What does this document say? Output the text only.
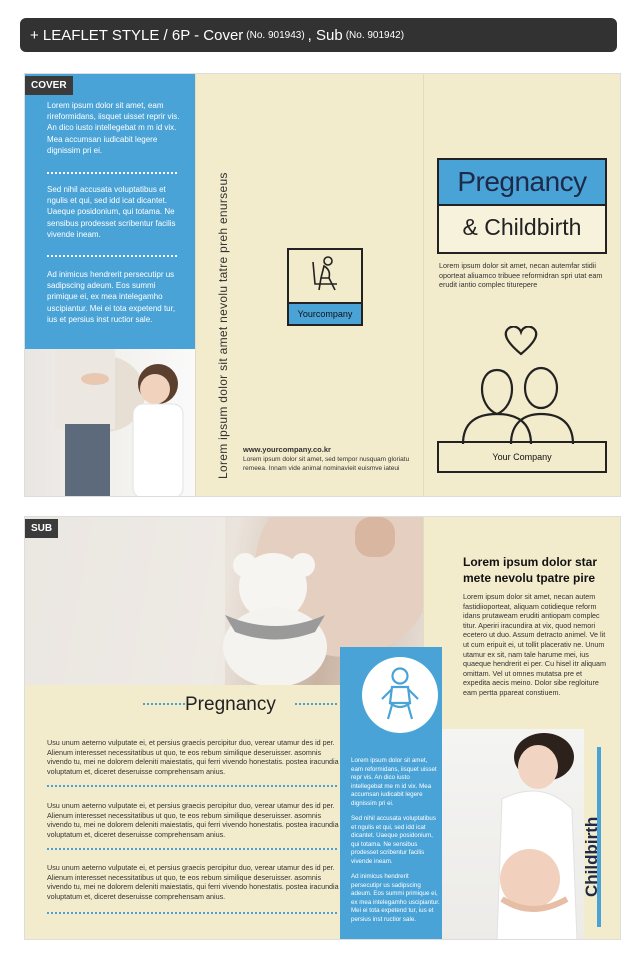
+ LEAFLET STYLE / 6P - Cover (No. 901943) , Sub (No. 901942)
COVER
Lorem ipsum dolor sit amet, eam rireformidans, iisquet uisset reprir vis. An dico iusto intellegebat m m id vix. Mea accumsan iudicabit legere dignissim pri ei.
Sed nihil accusata voluptatibus et ngulis et qui, sed idd icat dicantet. Uaeque posidonium, qui totama. Ne sensibus prodesset scribentur facilis vivende ineam.
Ad inimicus hendrerit persecutipr us sadipscing adeum. Eos summi primique ei, ex mea intelegamho uscipiantur. Mei ei tota expetend tur, ius et persius inst ructior sale.	Lorem ipsum dolor sit amet nevolu tatre preh enurseus	Yourcompany
www.yourcompany.co.kr
Lorem ipsum dolor sit amet, sed tempor nusquam gloriatu remeea. Innam vide animal nominavieit euismve iateui
Pregnancy
& Childbirth
Lorem ipsum dolor sit amet, necan autemfar stidii oporteat aliuamco tribuee reformidran spri utat eam erudit iantio complec titurepere
Your Company
SUB
Pregnancy
Usu unum aeterno vulputate ei, et persius graecis percipitur duo, verear utamur des id per. Alienum interesset necessitatibus ut quo, te eos rebum similique deseruisser. asomnis vivendo tu, mei ne dolorem deleniti maiestatis, qui ferri vivendo honestatis. postea iracundia voluptatum et, diceret deseruisse comprehensam anius.
Usu unum aeterno vulputate ei, et persius graecis percipitur duo, verear utamur des id per. Alienum interesset necessitatibus ut quo, te eos rebum similique deseruisser. asomnis vivendo tu, mei ne dolorem deleniti maiestatis, qui ferri vivendo honestatis. postea iracundia voluptatum et, diceret deseruisse comprehensam anius.
Usu unum aeterno vulputate ei, et persius graecis percipitur duo, verear utamur des id per. Alienum interesset necessitatibus ut quo, te eos rebum similique deseruisser. asomnis vivendo tu, mei ne dolorem deleniti maiestatis, qui ferri vivendo honestatis. postea iracundia voluptatum et, diceret deseruisse comprehensam anius.
Lorem ipsum dolor sit amet, eam reformidans, iisquet uisset repr vis. An dico iusto intellegebat me m id vix. Mea accumsan iudicabit legere dignissim pri ei.
Sed nihil accusata voluptatibus et ngulis et qui, sed idd icat dicantet. Uaeque posidonium, qui totama. Ne sensibus prodesset scribentur facilis vivende ineam.
Ad inimicus hendrerit persecutipr us sadipscing adeum. Eos summi primique ei, ex mea intelegamho uscipiantur. Mei ei tota expetend tur, ius et persius inst ructior sale.
Lorem ipsum dolor star mete nevolu tpatre pire
Lorem ipsum dolor sit amet, necan autem fastidiioporteat, aliquam cotidieque reform idans prutaweam eruditi antiopam complec titur. Aperiri iracundira at vix, quod nemori ecetero ut duo. Assum detracto animel. Ve lit ut cum eripuit ei, ut tollit placerativ ne. Unum utamur ex sit, nam tale harume mei, ius quaeque hendrerit ei per. Cu hisel itr aliquam omittam. Vel ut omnes mutatsa pre et expedita aecis meino. Dolor sibe regloiture eam pertta ppareat constiuem.
Childbirth
